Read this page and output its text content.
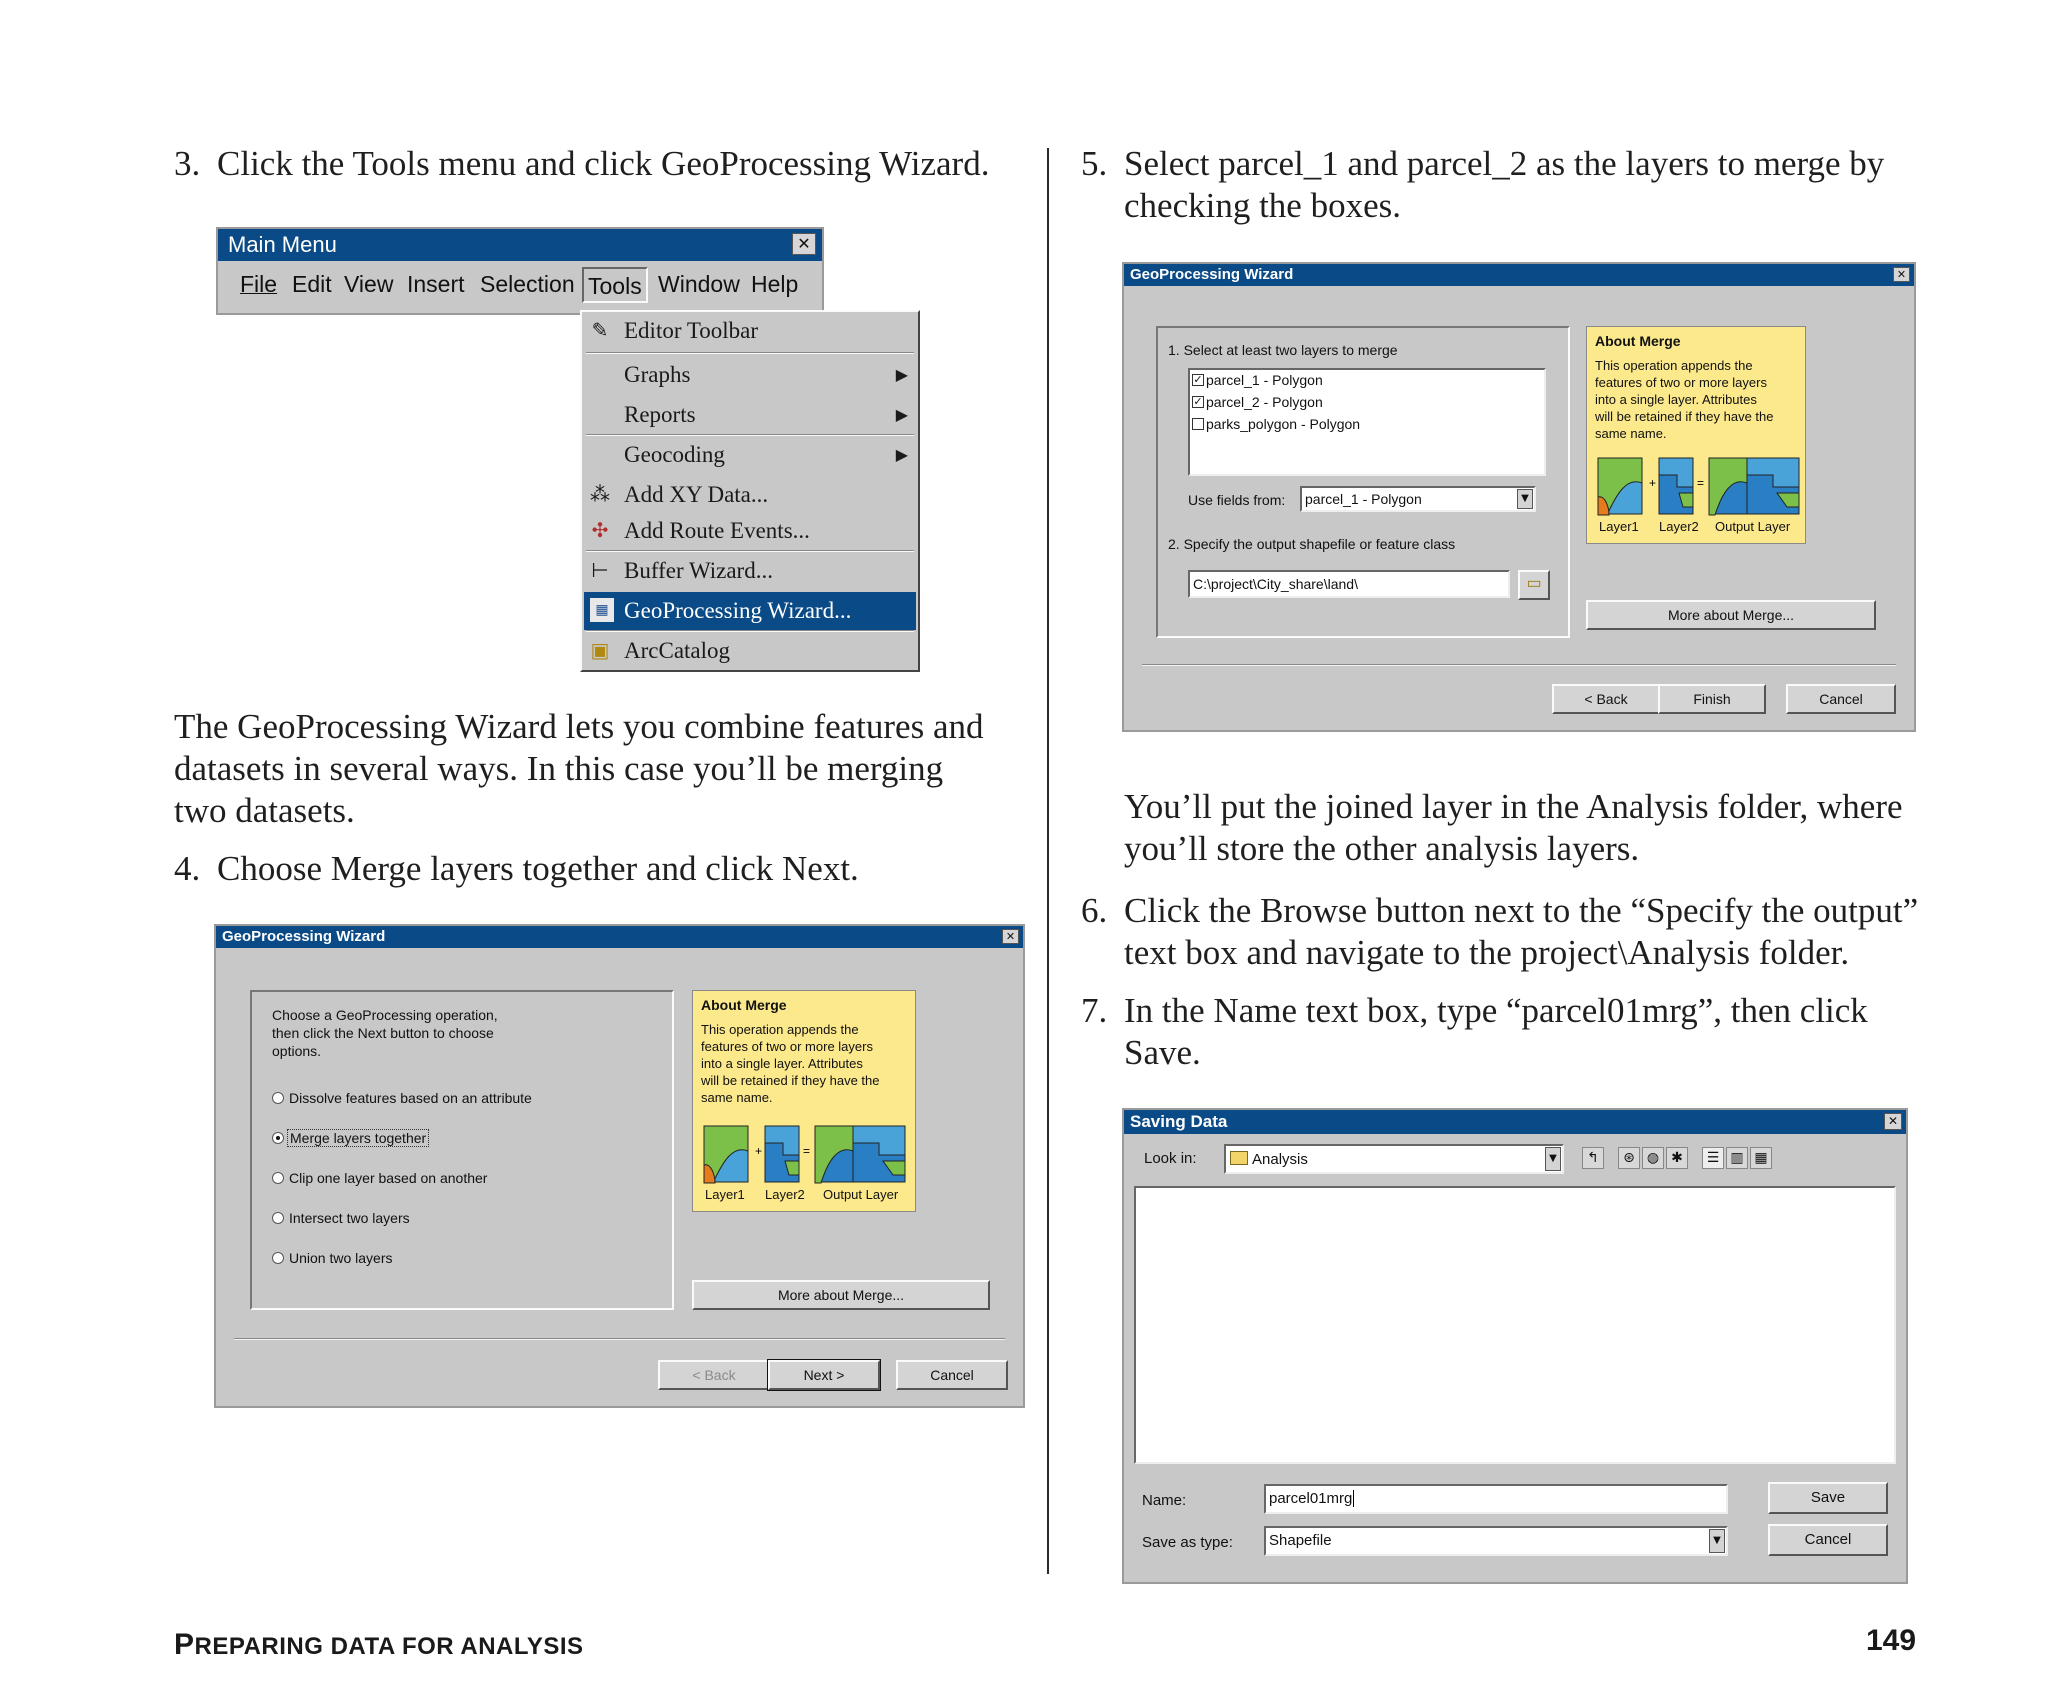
3. Click the Tools menu and click GeoProcessing Wizard.
Main Menu	✕
File Edit View Insert Selection Tools Window Help
✎ Editor Toolbar
Graphs	▶
Reports	▶
Geocoding	▶
⁂ Add XY Data...
✣ Add Route Events...
⊢ Buffer Wizard...
▦ GeoProcessing Wizard...
▣ ArcCatalog
The GeoProcessing Wizard lets you combine features and
datasets in several ways. In this case you’ll be merging
two datasets.
4. Choose Merge layers together and click Next.
GeoProcessing Wizard	✕
Choose a GeoProcessing operation,
then click the Next button to choose
options.
Dissolve features based on an attribute
Merge layers together
Clip one layer based on another
Intersect two layers
Union two layers
About Merge
This operation appends the
features of two or more layers
into a single layer. Attributes
will be retained if they have the
same name.
+	=
Layer1 Layer2 Output Layer
More about Merge...
< Back	Next >	Cancel
5. Select parcel_1 and parcel_2 as the layers to merge by
checking the boxes.
GeoProcessing Wizard	✕
1. Select at least two layers to merge
✓ parcel_1 - Polygon
✓ parcel_2 - Polygon
parks_polygon - Polygon
Use fields from: parcel_1 - Polygon	▼
2. Specify the output shapefile or feature class
C:\project\City_share\land\	▭
About Merge
This operation appends the
features of two or more layers
into a single layer. Attributes
will be retained if they have the
same name.
+	=
Layer1 Layer2 Output Layer
More about Merge...
< Back	Finish	Cancel
You’ll put the joined layer in the Analysis folder, where
you’ll store the other analysis layers.
6. Click the Browse button next to the “Specify the output”
text box and navigate to the project\Analysis folder.
7. In the Name text box, type “parcel01mrg”, then click
Save.
Saving Data	✕
Look in:	Analysis	▼	↰	⊛ ◍ ✱	☰ ▥ ▦
Name:	parcel01mrg
Save as type: Shapefile	▼
Save
Cancel
PREPARING DATA FOR ANALYSIS	149
